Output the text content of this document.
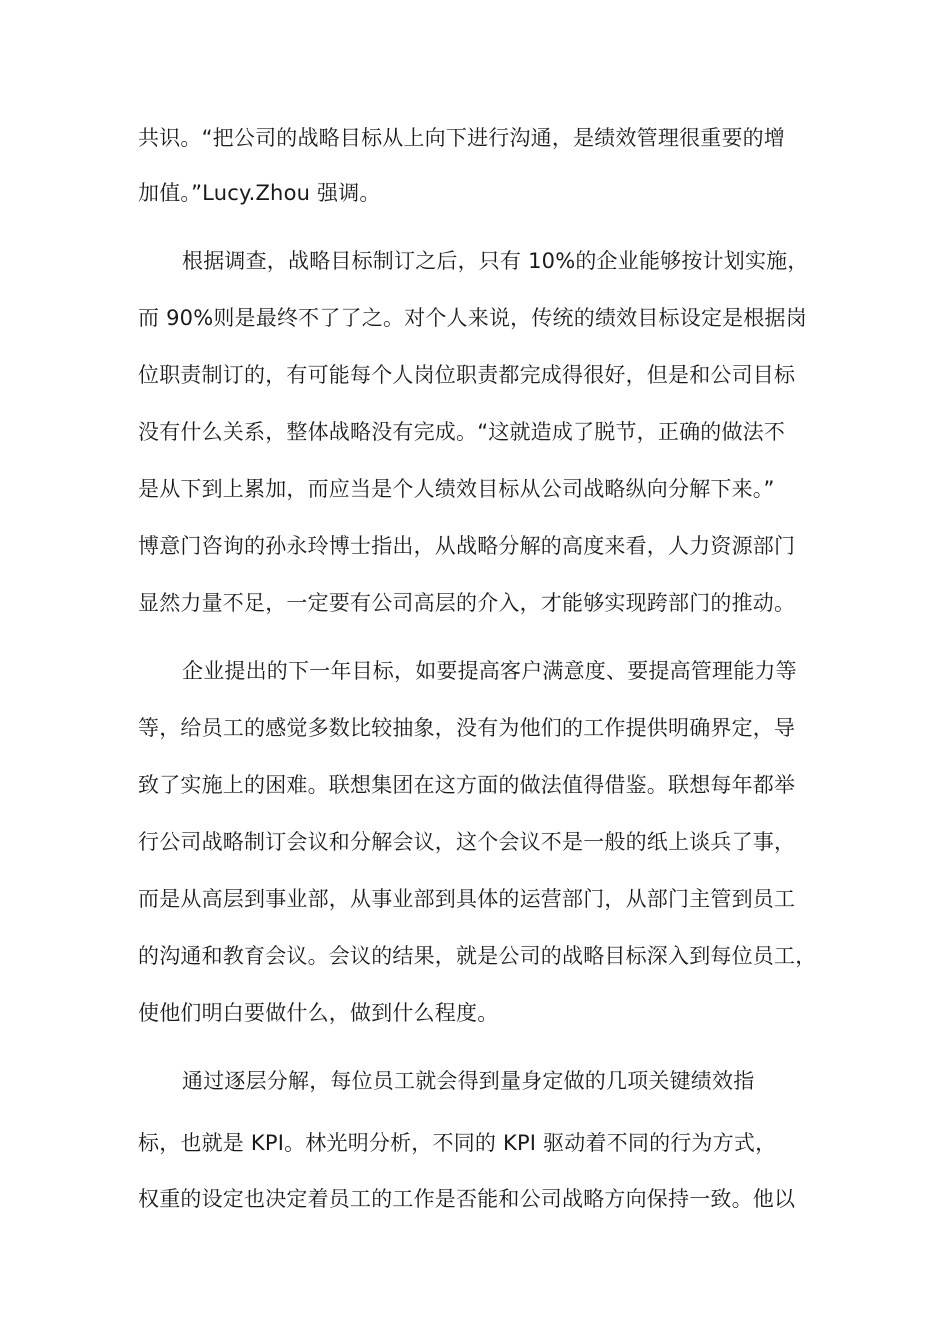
共识。“把公司的战略目标从上向下进行沟通，是绩效管理很重要的增
加值。”Lucy.Zhou 强调。
根据调查，战略目标制订之后，只有 10%的企业能够按计划实施，
而 90%则是最终不了了之。对个人来说，传统的绩效目标设定是根据岗
位职责制订的，有可能每个人岗位职责都完成得很好，但是和公司目标
没有什么关系，整体战略没有完成。“这就造成了脱节，正确的做法不
是从下到上累加，而应当是个人绩效目标从公司战略纵向分解下来。”
博意门咨询的孙永玲博士指出，从战略分解的高度来看，人力资源部门
显然力量不足，一定要有公司高层的介入，才能够实现跨部门的推动。
企业提出的下一年目标，如要提高客户满意度、要提高管理能力等
等，给员工的感觉多数比较抽象，没有为他们的工作提供明确界定，导
致了实施上的困难。联想集团在这方面的做法值得借鉴。联想每年都举
行公司战略制订会议和分解会议，这个会议不是一般的纸上谈兵了事，
而是从高层到事业部，从事业部到具体的运营部门，从部门主管到员工
的沟通和教育会议。会议的结果，就是公司的战略目标深入到每位员工，
使他们明白要做什么，做到什么程度。
通过逐层分解，每位员工就会得到量身定做的几项关键绩效指
标，也就是 KPI。林光明分析，不同的 KPI 驱动着不同的行为方式，
权重的设定也决定着员工的工作是否能和公司战略方向保持一致。他以
